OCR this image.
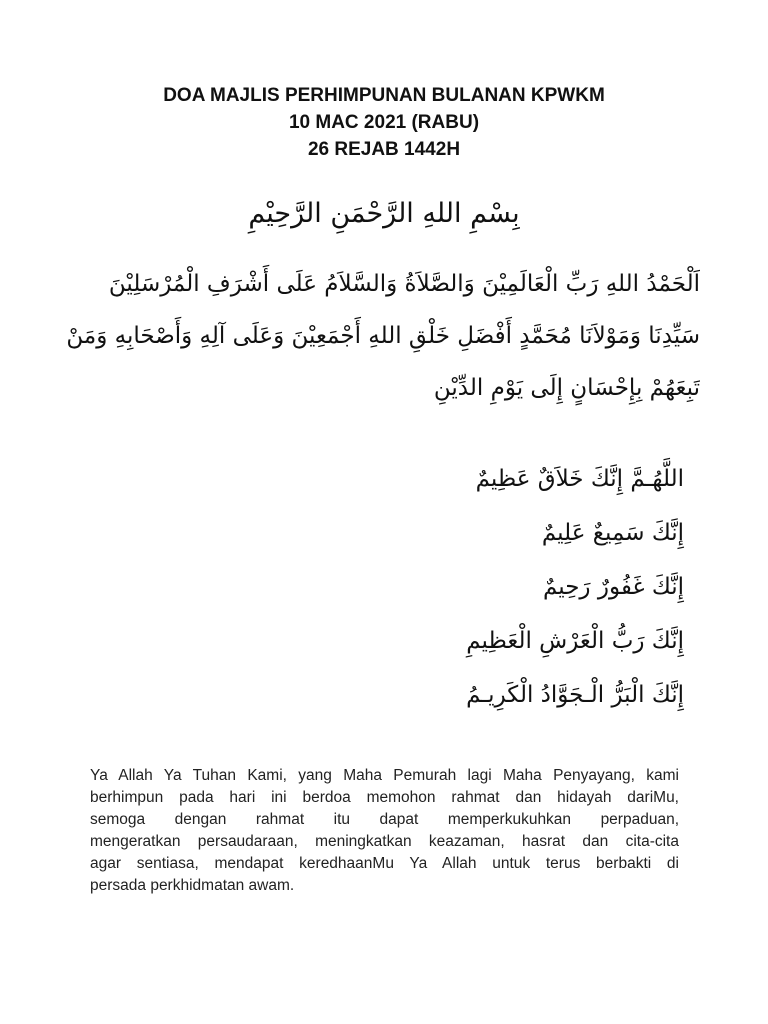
DOA MAJLIS PERHIMPUNAN BULANAN KPWKM
10 MAC 2021 (RABU)
26 REJAB 1442H
بِسْمِ اللهِ الرَّحْمَنِ الرَّحِيْمِ
اَلْحَمْدُ اللهِ رَبِّ الْعَالَمِيْنَ وَالصَّلاَةُ وَالسَّلاَمُ عَلَى أَشْرَفِ الْمُرْسَلِيْنَ
سَيِّدِنَا وَمَوْلاَنَا مُحَمَّدٍ أَفْضَلِ خَلْقِ اللهِ أَجْمَعِيْنَ وَعَلَى آلِهِ وَأَصْحَابِهِ وَمَنْ
تَبِعَهُمْ بِإِحْسَانٍ إِلَى يَوْمِ الدِّيْنِ
اللَّهُـمَّ إِنَّكَ خَلاَقٌ عَظِيمٌ
إِنَّكَ سَمِيعٌ عَلِيمٌ
إِنَّكَ غَفُورٌ رَحِيمٌ
إِنَّكَ رَبُّ الْعَرْشِ الْعَظِيمِ
إِنَّكَ الْبَرُّ الْـجَوَّادُ الْكَرِيـمُ
Ya Allah Ya Tuhan Kami, yang Maha Pemurah lagi Maha Penyayang, kami
berhimpun pada hari ini berdoa memohon rahmat dan hidayah dariMu,
semoga dengan rahmat itu dapat memperkukuhkan perpaduan,
mengeratkan persaudaraan, meningkatkan keazaman, hasrat dan cita-cita
agar sentiasa, mendapat keredhaanMu Ya Allah untuk terus berbakti di
persada perkhidmatan awam.
